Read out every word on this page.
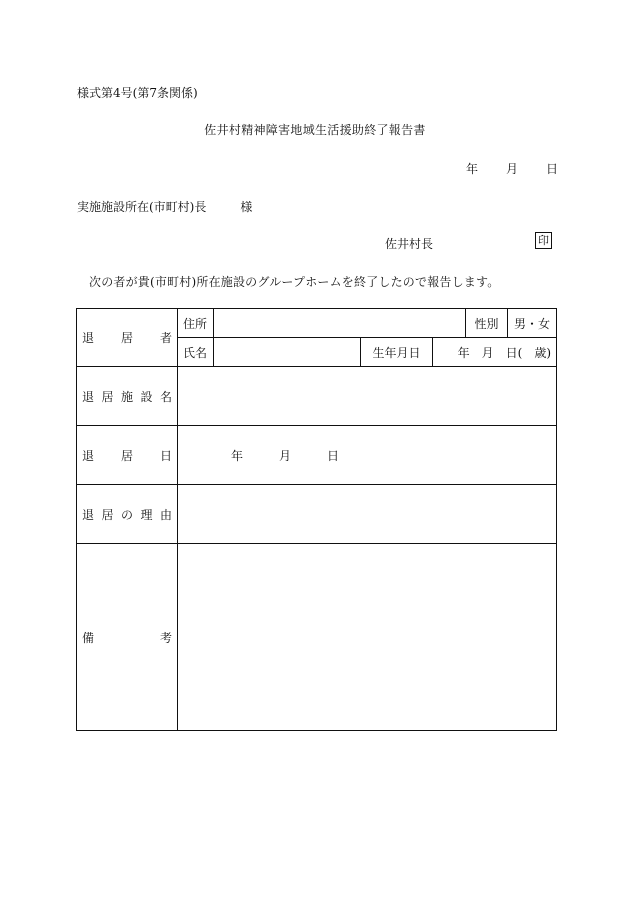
様式第4号(第7条関係)
佐井村精神障害地域生活援助終了報告書
年 月 日
実施施設所在(市町村)長	様
佐井村長	印
次の者が貴(市町村)所在施設のグループホームを終了したので報告します。
退 居 者	住所				性別	男・女
	氏名		生年月日	年　月　日(　歳)		

退 居 施 設 名						

退 居 日	年 月 日					

退 居 の 理 由						

備 考						
